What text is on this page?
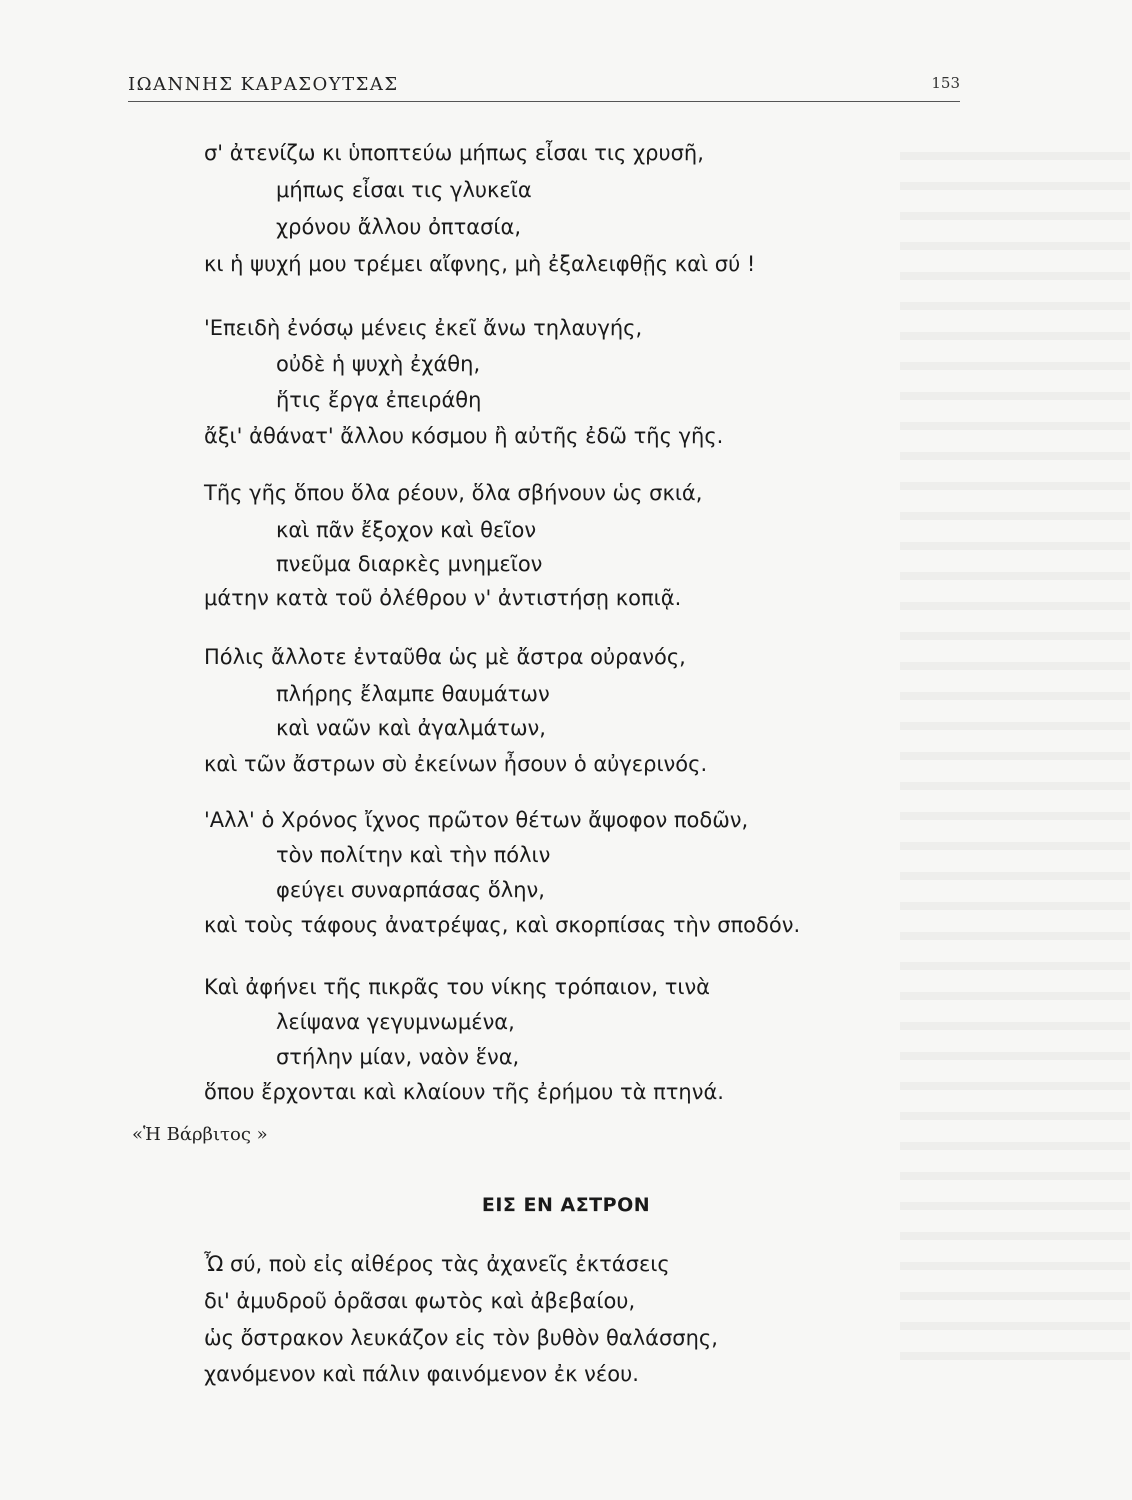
ΙΩΑΝΝΗΣ ΚΑΡΑΣΟΥΤΣΑΣ	153
σ' ἀτενίζω κι ὑποπτεύω μήπως εἶσαι τις χρυσῆ,
μήπως εἶσαι τις γλυκεῖα
χρόνου ἄλλου ὀπτασία,
κι ἡ ψυχή μου τρέμει αἴφνης, μὴ ἐξαλειφθῇς καὶ σύ !
'Επειδὴ ἐνόσῳ μένεις ἐκεῖ ἄνω τηλαυγής,
οὐδὲ ἡ ψυχὴ ἐχάθη,
ἥτις ἔργα ἐπειράθη
ἄξι' ἀθάνατ' ἄλλου κόσμου ἢ αὐτῆς ἐδῶ τῆς γῆς.
Τῆς γῆς ὅπου ὅλα ρέουν, ὅλα σβήνουν ὡς σκιά,
καὶ πᾶν ἔξοχον καὶ θεῖον
πνεῦμα διαρκὲς μνημεῖον
μάτην κατὰ τοῦ ὀλέθρου ν' ἀντιστήσῃ κοπιᾷ.
Πόλις ἄλλοτε ἐνταῦθα ὡς μὲ ἄστρα οὐρανός,
πλήρης ἔλαμπε θαυμάτων
καὶ ναῶν καὶ ἀγαλμάτων,
καὶ τῶν ἄστρων σὺ ἐκείνων ἦσουν ὁ αὐγερινός.
'Αλλ' ὁ Χρόνος ἴχνος πρῶτον θέτων ἄψοφον ποδῶν,
τὸν πολίτην καὶ τὴν πόλιν
φεύγει συναρπάσας ὅλην,
καὶ τοὺς τάφους ἀνατρέψας, καὶ σκορπίσας τὴν σποδόν.
Καὶ ἀφήνει τῆς πικρᾶς του νίκης τρόπαιον, τινὰ
λείψανα γεγυμνωμένα,
στήλην μίαν, ναὸν ἕνα,
ὅπου ἔρχονται καὶ κλαίουν τῆς ἐρήμου τὰ πτηνά.
«Ἡ Βάρβιτος »
ΕΙΣ ΕΝ ΑΣΤΡΟΝ
Ὦ σύ, ποὺ εἰς αἰθέρος τὰς ἀχανεῖς ἐκτάσεις
δι' ἀμυδροῦ ὁρᾶσαι φωτὸς καὶ ἀβεβαίου,
ὡς ὄστρακον λευκάζον εἰς τὸν βυθὸν θαλάσσης,
χανόμενον καὶ πάλιν φαινόμενον ἐκ νέου.
